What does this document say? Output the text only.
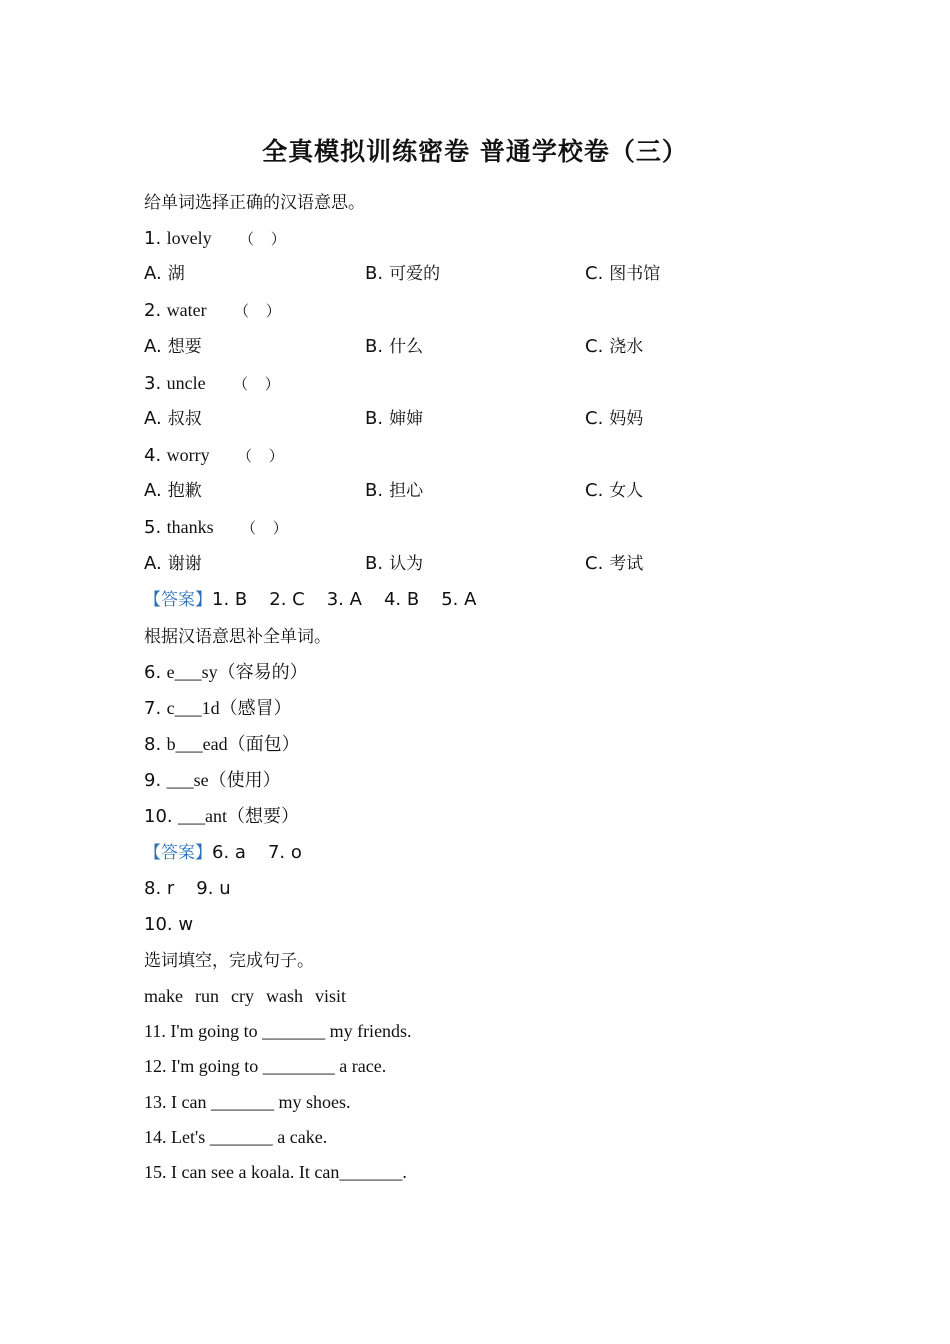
全真模拟训练密卷 普通学校卷（三）
给单词选择正确的汉语意思。
1. lovely （ ）
A. 湖	B. 可爱的	C. 图书馆
2. water （ ）
A. 想要	B. 什么	C. 浇水
3. uncle （ ）
A. 叔叔	B. 婶婶	C. 妈妈
4. worry （ ）
A. 抱歉	B. 担心	C. 女人
5. thanks （ ）
A. 谢谢	B. 认为	C. 考试
【答案】1. B 2. C 3. A 4. B 5. A
根据汉语意思补全单词。
6. e___sy（容易的）
7. c___1d（感冒）
8. b___ead（面包）
9. ___se（使用）
10. ___ant（想要）
【答案】6. a 7. o
8. r 9. u
10. w
选词填空，完成句子。
make run cry wash visit
11. I'm going to _______ my friends.
12. I'm going to ________ a race.
13. I can _______ my shoes.
14. Let's _______ a cake.
15. I can see a koala. It can_______.
